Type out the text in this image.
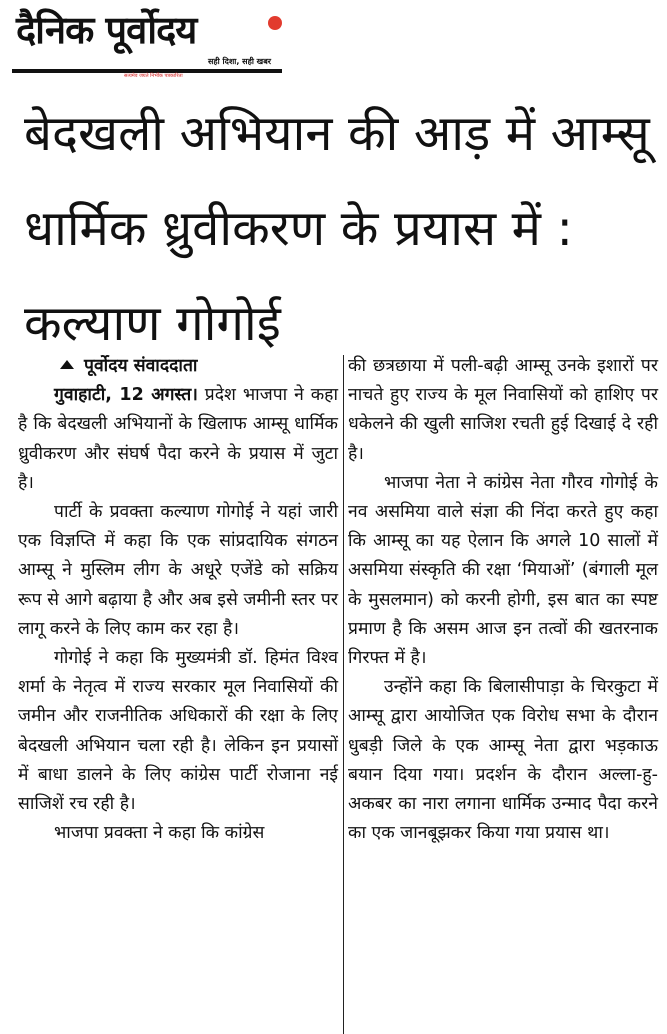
दैनिक पूर्वोदय
सही दिशा, सही खबर
सत्यमेव जयते निर्भीक पत्रकारिता
बेदखली अभियान की आड़ में आम्सू धार्मिक ध्रुवीकरण के प्रयास में : कल्याण गोगोई
पूर्वोदय संवाददाता

गुवाहाटी, 12 अगस्त। प्रदेश भाजपा ने कहा है कि बेदखली अभियानों के खिलाफ आम्सू धार्मिक ध्रुवीकरण और संघर्ष पैदा करने के प्रयास में जुटा है।

पार्टी के प्रवक्ता कल्याण गोगोई ने यहां जारी एक विज्ञप्ति में कहा कि एक सांप्रदायिक संगठन आम्सू ने मुस्लिम लीग के अधूरे एजेंडे को सक्रिय रूप से आगे बढ़ाया है और अब इसे जमीनी स्तर पर लागू करने के लिए काम कर रहा है।

गोगोई ने कहा कि मुख्यमंत्री डॉ. हिमंत विश्व शर्मा के नेतृत्व में राज्य सरकार मूल निवासियों की जमीन और राजनीतिक अधिकारों की रक्षा के लिए बेदखली अभियान चला रही है। लेकिन इन प्रयासों में बाधा डालने के लिए कांग्रेस पार्टी रोजाना नई साजिशें रच रही है।

भाजपा प्रवक्ता ने कहा कि कांग्रेस

की छत्रछाया में पली-बढ़ी आम्सू उनके इशारों पर नाचते हुए राज्य के मूल निवासियों को हाशिए पर धकेलने की खुली साजिश रचती हुई दिखाई दे रही है।

भाजपा नेता ने कांग्रेस नेता गौरव गोगोई के नव असमिया वाले संज्ञा की निंदा करते हुए कहा कि आम्सू का यह ऐलान कि अगले 10 सालों में असमिया संस्कृति की रक्षा ‘मियाओं’ (बंगाली मूल के मुसलमान) को करनी होगी, इस बात का स्पष्ट प्रमाण है कि असम आज इन तत्वों की खतरनाक गिरफ्त में है।

उन्होंने कहा कि बिलासीपाड़ा के चिरकुटा में आम्सू द्वारा आयोजित एक विरोध सभा के दौरान धुबड़ी जिले के एक आम्सू नेता द्वारा भड़काऊ बयान दिया गया। प्रदर्शन के दौरान अल्ला-हु-अकबर का नारा लगाना धार्मिक उन्माद पैदा करने का एक जानबूझकर किया गया प्रयास था।
